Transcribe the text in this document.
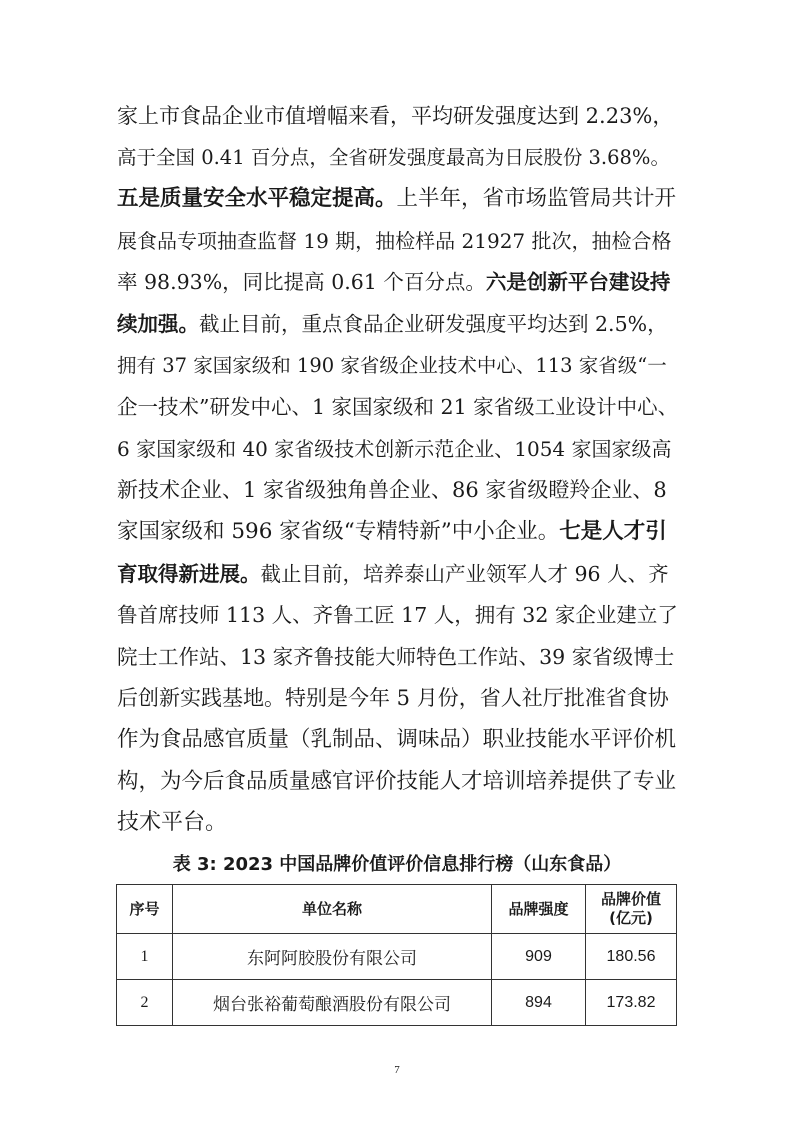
家上市食品企业市值增幅来看，平均研发强度达到 2.23%，
高于全国 0.41 百分点，全省研发强度最高为日辰股份 3.68%。
五是质量安全水平稳定提高。上半年，省市场监管局共计开
展食品专项抽查监督 19 期，抽检样品 21927 批次，抽检合格
率 98.93%，同比提高 0.61 个百分点。六是创新平台建设持
续加强。截止目前，重点食品企业研发强度平均达到 2.5%，
拥有 37 家国家级和 190 家省级企业技术中心、113 家省级“一
企一技术”研发中心、1 家国家级和 21 家省级工业设计中心、
6 家国家级和 40 家省级技术创新示范企业、1054 家国家级高
新技术企业、1 家省级独角兽企业、86 家省级瞪羚企业、8
家国家级和 596 家省级“专精特新”中小企业。七是人才引
育取得新进展。截止目前，培养泰山产业领军人才 96 人、齐
鲁首席技师 113 人、齐鲁工匠 17 人，拥有 32 家企业建立了
院士工作站、13 家齐鲁技能大师特色工作站、39 家省级博士
后创新实践基地。特别是今年 5 月份，省人社厅批准省食协
作为食品感官质量（乳制品、调味品）职业技能水平评价机
构，为今后食品质量感官评价技能人才培训培养提供了专业
技术平台。
表 3: 2023 中国品牌价值评价信息排行榜（山东食品）
序号	单位名称	品牌强度	品牌价值
(亿元)

1	东阿阿胶股份有限公司	909	180.56
2	烟台张裕葡萄酿酒股份有限公司	894	173.82
7
